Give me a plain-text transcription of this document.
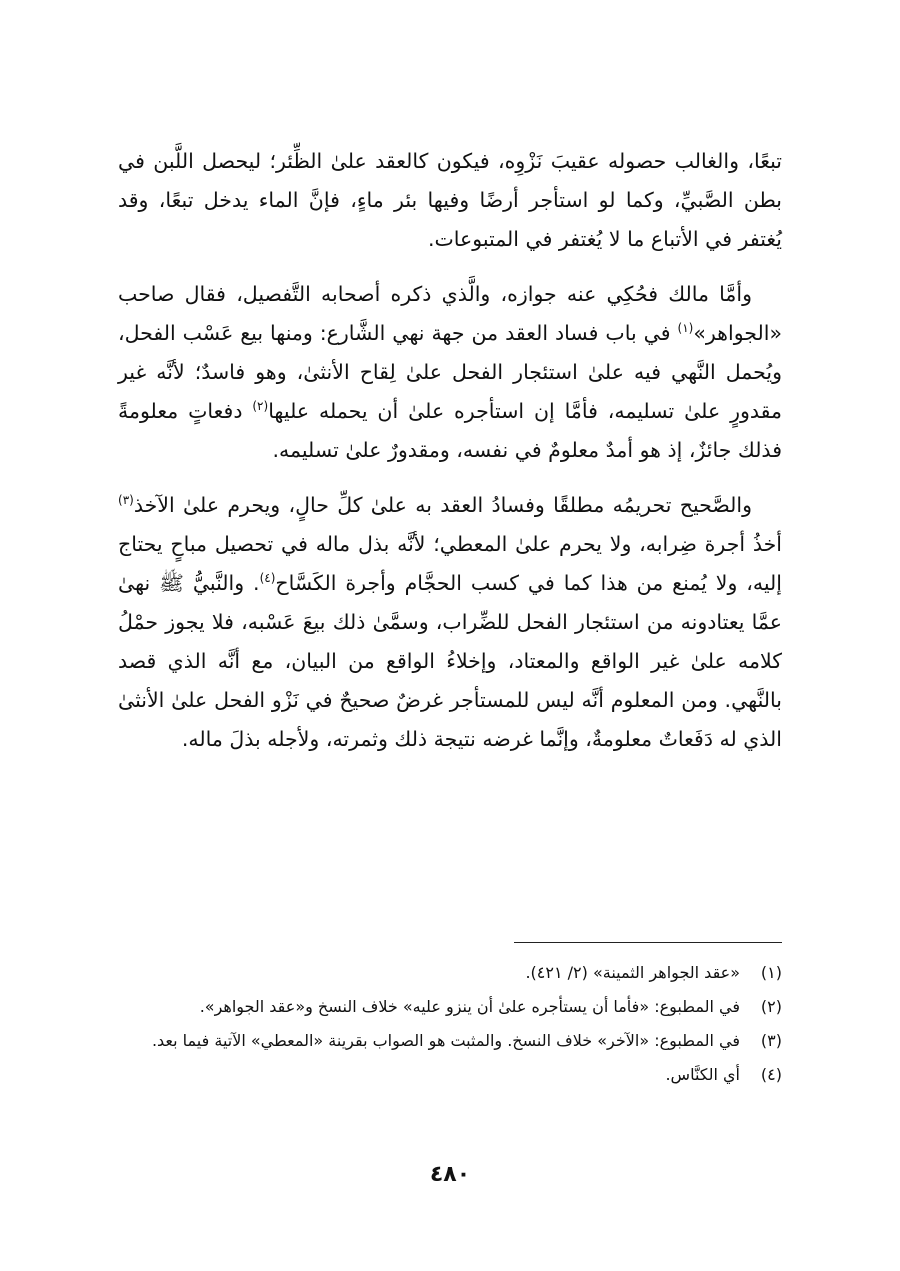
تبعًا، والغالب حصوله عقيبَ نَزْوِه، فيكون كالعقد علىٰ الظِّئر؛ ليحصل اللَّبن في بطن الصَّبيِّ، وكما لو استأجر أرضًا وفيها بئر ماءٍ، فإنَّ الماء يدخل تبعًا، وقد يُغتفر في الأتباع ما لا يُغتفر في المتبوعات.

وأمَّا مالك فحُكِي عنه جوازه، والَّذي ذكره أصحابه التَّفصيل، فقال صاحب «الجواهر»$^{(١)}$ في باب فساد العقد من جهة نهي الشَّارع: ومنها بيع عَسْب الفحل، ويُحمل النَّهي فيه علىٰ استئجار الفحل علىٰ لِقاح الأنثىٰ، وهو فاسدٌ؛ لأنَّه غير مقدورٍ علىٰ تسليمه، فأمَّا إن استأجره علىٰ أن يحمله عليها$^{(٢)}$ دفعاتٍ معلومةً فذلك جائزٌ، إذ هو أمدٌ معلومٌ في نفسه، ومقدورٌ علىٰ تسليمه.

والصَّحيح تحريمُه مطلقًا وفسادُ العقد به علىٰ كلِّ حالٍ، ويحرم علىٰ الآخذ$^{(٣)}$ أخذُ أجرة ضِرابه، ولا يحرم علىٰ المعطي؛ لأنَّه بذل ماله في تحصيل مباحٍ يحتاج إليه، ولا يُمنع من هذا كما في كسب الحجَّام وأجرة الكَسَّاح$^{(٤)}$. والنَّبيُّ ﷺ نهىٰ عمَّا يعتادونه من استئجار الفحل للضِّراب، وسمَّىٰ ذلك بيعَ عَسْبه، فلا يجوز حمْلُ كلامه علىٰ غير الواقع والمعتاد، وإخلاءُ الواقع من البيان، مع أنَّه الذي قصد بالنَّهي. ومن المعلوم أنَّه ليس للمستأجر غرضٌ صحيحٌ في نَزْو الفحل علىٰ الأنثىٰ الذي له دَفَعاتٌ معلومةٌ، وإنَّما غرضه نتيجة ذلك وثمرته، ولأجله بذلَ ماله.

(١)
«عقد الجواهر الثمينة» (٢/ ٤٢١).
(٢)
في المطبوع: «فأما أن يستأجره علىٰ أن ينزو عليه» خلاف النسخ و«عقد الجواهر».
(٣)
في المطبوع: «الآخر» خلاف النسخ. والمثبت هو الصواب بقرينة «المعطي» الآتية فيما بعد.
(٤)
أي الكنَّاس.
٤٨٠
